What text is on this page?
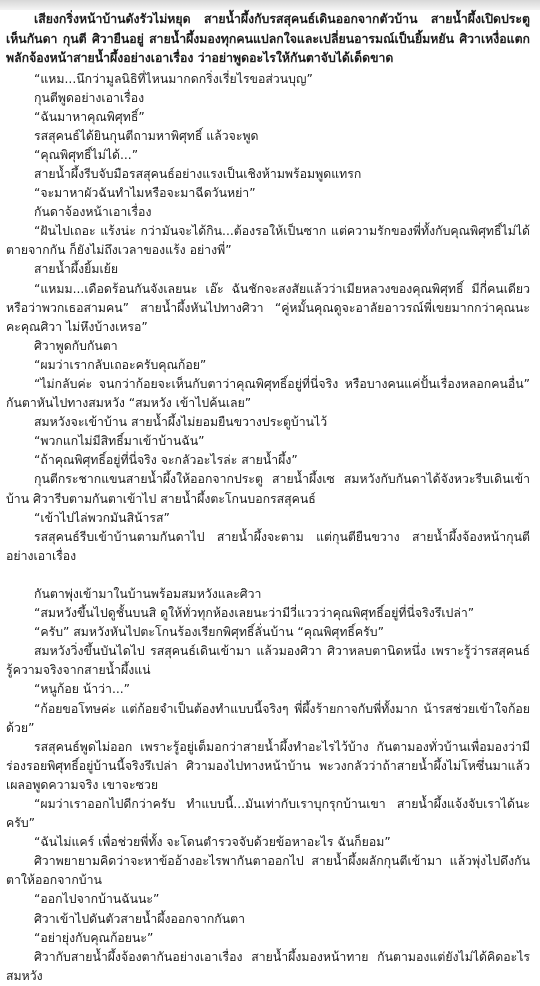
เสียงกริ่งหน้าบ้านดังรัวไม่หยุด สายน้ำผึ้งกับรสสุคนธ์เดินออกจากตัวบ้าน สายน้ำผึ้งเปิดประตูเห็นกันดา กุนตี ศิวายืนอยู่ สายน้ำผึ้งมองทุกคนแปลกใจและเปลี่ยนอารมณ์เป็นยิ้มหยัน ศิวาเหงื่อแตกพลักจ้องหน้าสายน้ำผึ้งอย่างเอาเรื่อง ว่าอย่าพูดอะไรให้กันตาจับได้เด็ดขาด

“แหม...นึกว่ามูลนิธิที่ไหนมากดกริ่งเรี่ยไรขอส่วนบุญ”

กุนตีพูดอย่างเอาเรื่อง

“ฉันมาหาคุณพิศุทธิ์”

รสสุคนธ์ได้ยินกุนตีถามหาพิศุทธิ์ แล้วจะพูด

“คุณพิศุทธิ์ไม่ได้...”

สายน้ำผึ้งรีบจับมือรสสุคนธ์อย่างแรงเป็นเชิงห้ามพร้อมพูดแทรก

“จะมาหาผัวฉันทำไมหรือจะมาฉีดวันหย่า”

กันดาจ้องหน้าเอาเรื่อง

“ฝันไปเถอะ แร้งน่ะ กว่ามันจะได้กิน...ต้องรอให้เป็นซาก แต่ความรักของพี่ทั้งกับคุณพิศุทธิ์ไม่ได้ตายจากกัน ก็ยังไม่ถึงเวลาของแร้ง อย่างพี่”

สายน้ำผึ้งยิ้มเย้ย

“แหมม...เดือดร้อนกันจังเลยนะ เอ๊ะ ฉันชักจะสงสัยแล้วว่าเมียหลวงของคุณพิศุทธิ์ มีกี่คนเดียวหรือว่าพวกเธอสามคน” สายน้ำผึ้งหันไปทางศิวา “คู่หมั้นคุณดูจะอาลัยอาวรณ์พี่เขยมากกว่าคุณนะคะคุณศิวา ไม่หึงบ้างเหรอ”

ศิวาพูดกับกันตา

“ผมว่าเรากลับเถอะครับคุณก้อย”

“ไม่กลับค่ะ จนกว่าก้อยจะเห็นกับตาว่าคุณพิศุทธิ์อยู่ที่นี่จริง หรือบางคนแค่ปั้นเรื่องหลอกคนอื่น” กันตาหันไปทางสมหวัง “สมหวัง เข้าไปค้นเลย”

สมหวังจะเข้าบ้าน สายน้ำผึ้งไม่ยอมยืนขวางประตูบ้านไว้

“พวกแกไม่มีสิทธิ์มาเข้าบ้านฉัน”

“ถ้าคุณพิศุทธิ์อยู่ที่นี่จริง จะกลัวอะไรล่ะ สายน้ำผึ้ง”

กุนตีกระชากแขนสายน้ำผึ้งให้ออกจากประตู สายน้ำผึ้งเซ สมหวังกับกันดาได้จังหวะรีบเดินเข้าบ้าน ศิวารีบตามกันตาเข้าไป สายน้ำผึ้งตะโกนบอกรสสุคนธ์

“เข้าไปไล่พวกมันสิน้ารส”

รสสุคนธ์รีบเข้าบ้านตามกันดาไป สายน้ำผึ้งจะตาม แต่กุนตียืนขวาง สายน้ำผึ้งจ้องหน้ากุนตีอย่างเอาเรื่อง

กันตาพุ่งเข้ามาในบ้านพร้อมสมหวังและศิวา

“สมหวังขึ้นไปดูชั้นบนสิ ดูให้ทั่วทุกห้องเลยนะว่ามีวี่แววว่าคุณพิศุทธิ์อยู่ที่นี่จริงรึเปล่า”

“ครับ” สมหวังหันไปตะโกนร้องเรียกพิศุทธิ์ลั่นบ้าน “คุณพิศุทธิ์ครับ”

สมหวังวิ่งขึ้นบันไดไป รสสุคนธ์เดินเข้ามา แล้วมองศิวา ศิวาหลบตานิดหนึ่ง เพราะรู้ว่ารสสุคนธ์รู้ความจริงจากสายน้ำผึ้งแน่

“หนูก้อย น้าว่า...”

“ก้อยขอโทษค่ะ แต่ก้อยจำเป็นต้องทำแบบนี้จริงๆ พี่ผึ้งร้ายกาจกับพี่ทั้งมาก น้ารสช่วยเข้าใจก้อยด้วย”

รสสุคนธ์พูดไม่ออก เพราะรู้อยู่เต็มอกว่าสายน้ำผึ้งทำอะไรไว้บ้าง กันตามองทั่วบ้านเพื่อมองว่ามีร่องรอยพิศุทธิ์อยู่บ้านนี้จริงรึเปล่า ศิวามองไปทางหน้าบ้าน พะวงกลัวว่าถ้าสายน้ำผึ้งไม่โหซึ่นมาแล้วเผลอพูดความจริง เขาจะซวย

“ผมว่าเราออกไปดีกว่าครับ ทำแบบนี้...มันเท่ากับเราบุกรุกบ้านเขา สายน้ำผึ้งแจ้งจับเราได้นะครับ”

“ฉันไม่แคร์ เพื่อช่วยพี่ทั้ง จะโดนตำรวจจับด้วยข้อหาอะไร ฉันก็ยอม”

ศิวาพยายามคิดว่าจะหาข้ออ้างอะไรพากันตาออกไป สายน้ำผึ้งผลักกุนตีเข้ามา แล้วพุ่งไปดึงกันตาให้ออกจากบ้าน

“ออกไปจากบ้านฉันนะ”

ศิวาเข้าไปดันตัวสายน้ำผึ้งออกจากกันตา

“อย่ายุ่งกับคุณก้อยนะ”

ศิวากับสายน้ำผึ้งจ้องตากันอย่างเอาเรื่อง สายน้ำผึ้งมองหน้าทาย กันตามองแต่ยังไม่ได้คิดอะไร สมหวัง
